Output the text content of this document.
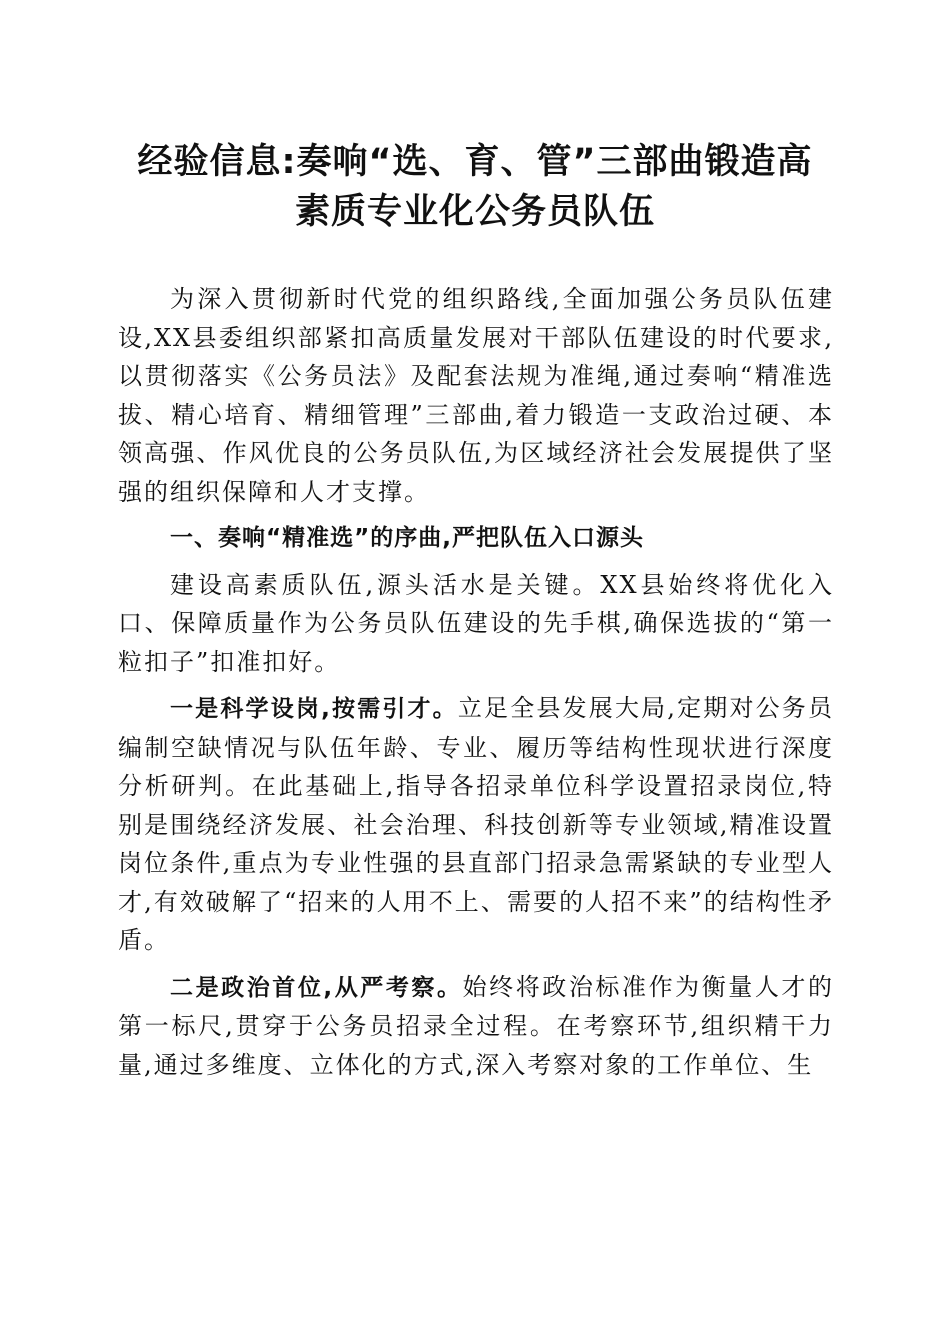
经验信息:奏响“选、育、管”三部曲锻造高
素质专业化公务员队伍

为深入贯彻新时代党的组织路线,全面加强公务员队伍建设,XX县委组织部紧扣高质量发展对干部队伍建设的时代要求,以贯彻落实《公务员法》及配套法规为准绳,通过奏响“精准选拔、精心培育、精细管理”三部曲,着力锻造一支政治过硬、本领高强、作风优良的公务员队伍,为区域经济社会发展提供了坚强的组织保障和人才支撑。

一、奏响“精准选”的序曲,严把队伍入口源头

建设高素质队伍,源头活水是关键。XX县始终将优化入口、保障质量作为公务员队伍建设的先手棋,确保选拔的“第一粒扣子”扣准扣好。

一是科学设岗,按需引才。立足全县发展大局,定期对公务员编制空缺情况与队伍年龄、专业、履历等结构性现状进行深度分析研判。在此基础上,指导各招录单位科学设置招录岗位,特别是围绕经济发展、社会治理、科技创新等专业领域,精准设置岗位条件,重点为专业性强的县直部门招录急需紧缺的专业型人才,有效破解了“招来的人用不上、需要的人招不来”的结构性矛盾。

二是政治首位,从严考察。始终将政治标准作为衡量人才的第一标尺,贯穿于公务员招录全过程。在考察环节,组织精干力量,通过多维度、立体化的方式,深入考察对象的工作单位、生
